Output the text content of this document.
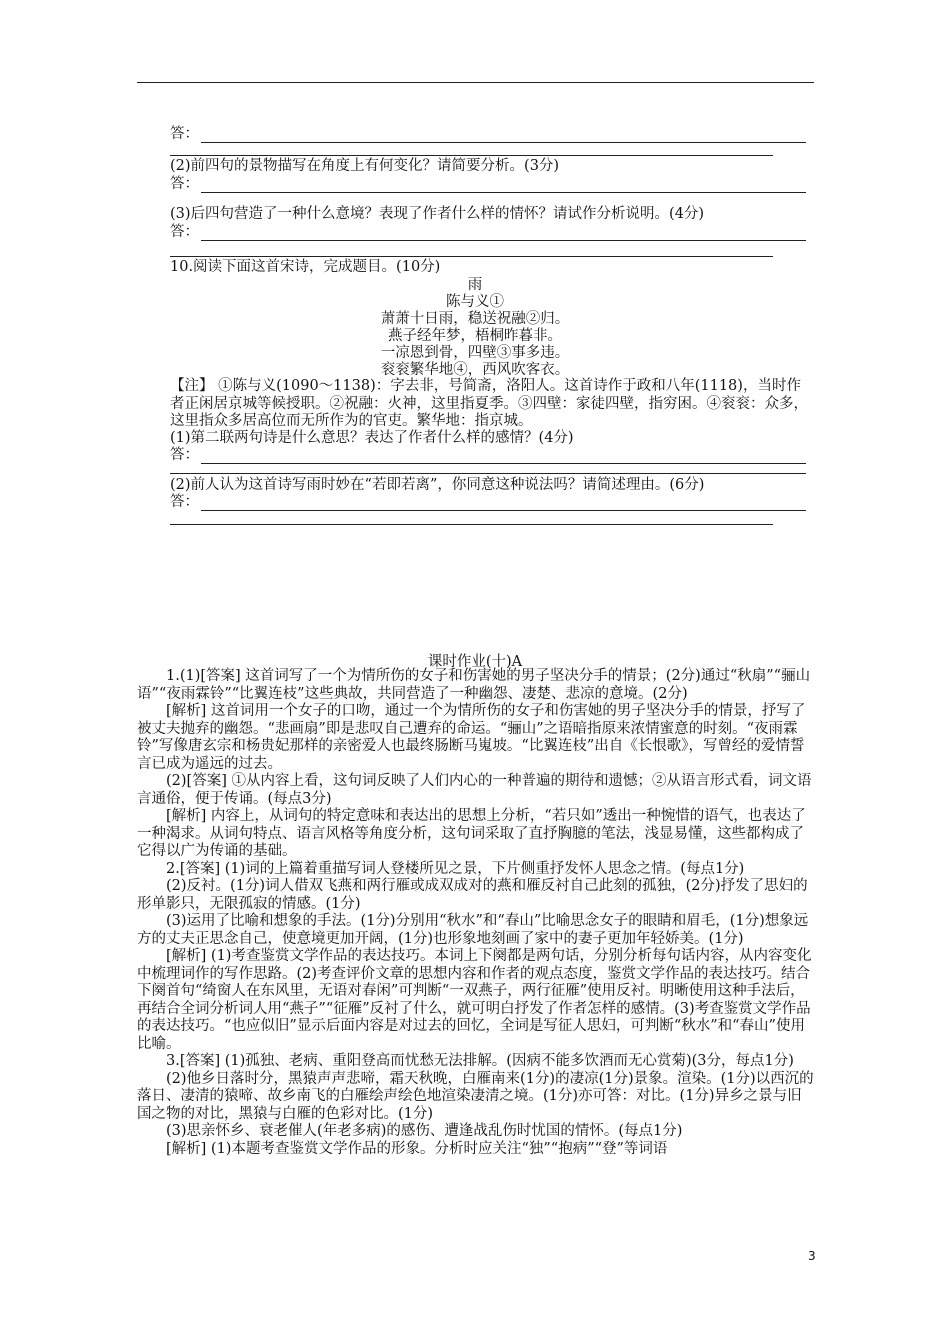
答：
(2)前四句的景物描写在角度上有何变化？请简要分析。(3分)
答：
(3)后四句营造了一种什么意境？表现了作者什么样的情怀？请试作分析说明。(4分)
答：
10.阅读下面这首宋诗，完成题目。(10分)
雨
陈与义①
萧萧十日雨，稳送祝融②归。
燕子经年梦，梧桐昨暮非。
一凉恩到骨，四壁③事多违。
衮衮繁华地④，西风吹客衣。
【注】 ①陈与义(1090～1138)：字去非，号简斋，洛阳人。这首诗作于政和八年(1118)，当时作者正闲居京城等候授职。②祝融：火神，这里指夏季。③四壁：家徒四壁，指穷困。④衮衮：众多，这里指众多居高位而无所作为的官吏。繁华地：指京城。
(1)第二联两句诗是什么意思？表达了作者什么样的感情？(4分)
答：
(2)前人认为这首诗写雨时妙在“若即若离”，你同意这种说法吗？请简述理由。(6分)
答：
课时作业(十)A
1.(1)[答案] 这首词写了一个为情所伤的女子和伤害她的男子坚决分手的情景；(2分)通过“秋扇”“骊山语”“夜雨霖铃”“比翼连枝”这些典故，共同营造了一种幽怨、凄楚、悲凉的意境。(2分)
[解析] 这首词用一个女子的口吻，通过一个为情所伤的女子和伤害她的男子坚决分手的情景，抒写了被丈夫抛弃的幽怨。“悲画扇”即是悲叹自己遭弃的命运。“骊山”之语暗指原来浓情蜜意的时刻。“夜雨霖铃”写像唐玄宗和杨贵妃那样的亲密爱人也最终肠断马嵬坡。“比翼连枝”出自《长恨歌》，写曾经的爱情誓言已成为遥远的过去。
(2)[答案] ①从内容上看，这句词反映了人们内心的一种普遍的期待和遗憾；②从语言形式看，词文语言通俗，便于传诵。(每点3分)
[解析] 内容上，从词句的特定意味和表达出的思想上分析，“若只如”透出一种惋惜的语气，也表达了一种渴求。从词句特点、语言风格等角度分析，这句词采取了直抒胸臆的笔法，浅显易懂，这些都构成了它得以广为传诵的基础。
2.[答案] (1)词的上篇着重描写词人登楼所见之景，下片侧重抒发怀人思念之情。(每点1分)
(2)反衬。(1分)词人借双飞燕和两行雁或成双成对的燕和雁反衬自己此刻的孤独，(2分)抒发了思妇的形单影只，无限孤寂的情感。(1分)
(3)运用了比喻和想象的手法。(1分)分别用“秋水”和“春山”比喻思念女子的眼睛和眉毛，(1分)想象远方的丈夫正思念自己，使意境更加开阔，(1分)也形象地刻画了家中的妻子更加年轻娇美。(1分)
[解析] (1)考查鉴赏文学作品的表达技巧。本词上下阕都是两句话，分别分析每句话内容，从内容变化中梳理词作的写作思路。(2)考查评价文章的思想内容和作者的观点态度，鉴赏文学作品的表达技巧。结合下阕首句“绮窗人在东风里，无语对春闲”可判断“一双燕子，两行征雁”使用反衬。明晰使用这种手法后，再结合全词分析词人用“燕子”“征雁”反衬了什么，就可明白抒发了作者怎样的感情。(3)考查鉴赏文学作品的表达技巧。“也应似旧”显示后面内容是对过去的回忆，全词是写征人思妇，可判断“秋水”和“春山”使用比喻。
3.[答案] (1)孤独、老病、重阳登高而忧愁无法排解。(因病不能多饮酒而无心赏菊)(3分，每点1分)
(2)他乡日落时分，黑猿声声悲啼，霜天秋晚，白雁南来(1分)的凄凉(1分)景象。渲染。(1分)以西沉的落日、凄清的猿啼、故乡南飞的白雁绘声绘色地渲染凄清之境。(1分)亦可答：对比。(1分)异乡之景与旧国之物的对比，黑猿与白雁的色彩对比。(1分)
(3)思亲怀乡、衰老催人(年老多病)的感伤、遭逢战乱伤时忧国的情怀。(每点1分)
[解析] (1)本题考查鉴赏文学作品的形象。分析时应关注“独”“抱病”“登”等词语
3
